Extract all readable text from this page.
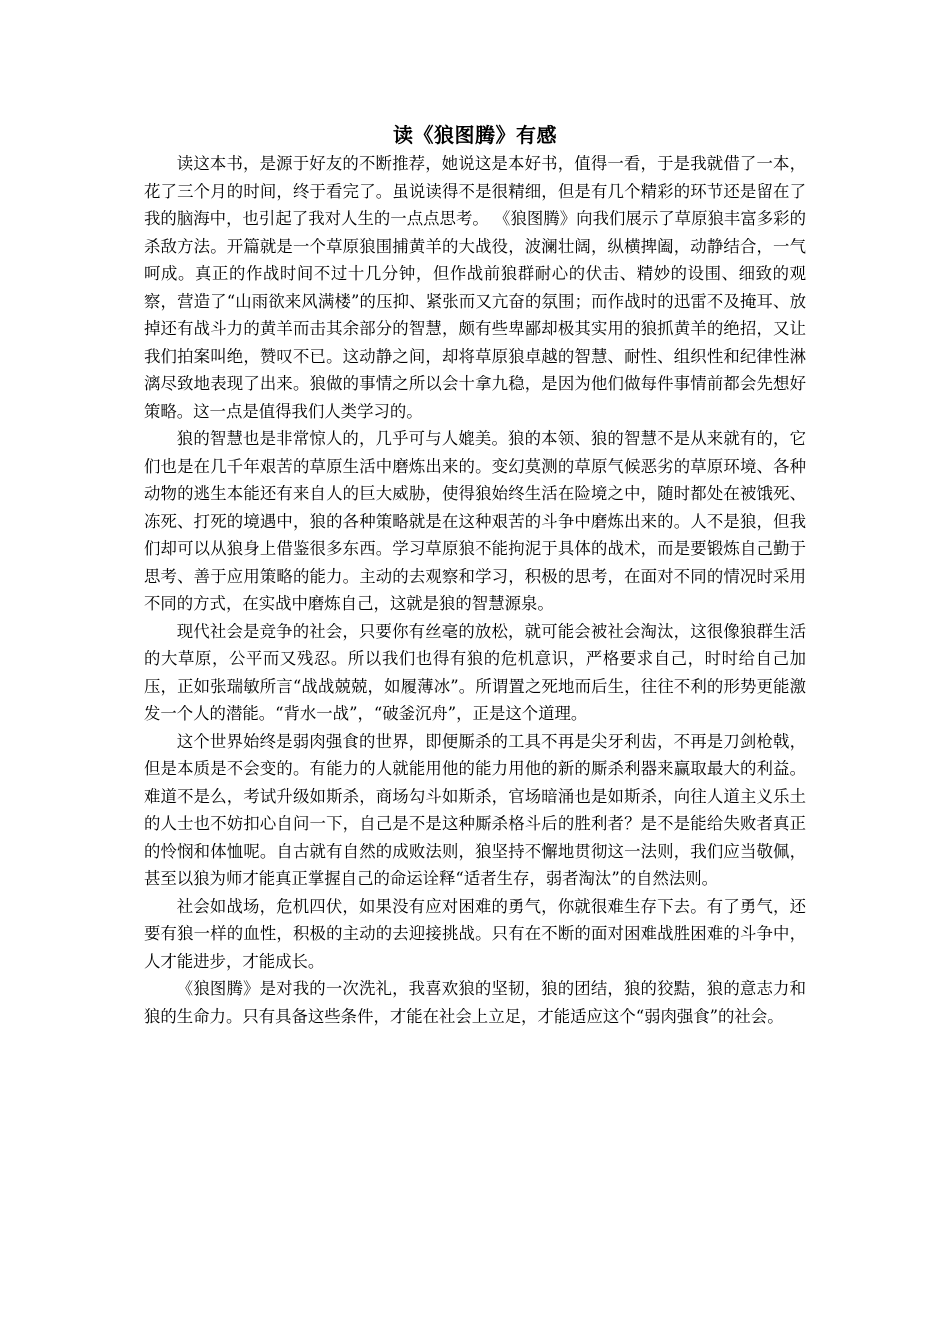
读《狼图腾》有感

读这本书，是源于好友的不断推荐，她说这是本好书，值得一看，于是我就借了一本，花了三个月的时间，终于看完了。虽说读得不是很精细，但是有几个精彩的环节还是留在了我的脑海中，也引起了我对人生的一点点思考。 《狼图腾》向我们展示了草原狼丰富多彩的杀敌方法。开篇就是一个草原狼围捕黄羊的大战役，波澜壮阔，纵横捭阖，动静结合，一气呵成。真正的作战时间不过十几分钟，但作战前狼群耐心的伏击、精妙的设围、细致的观察，营造了“山雨欲来风满楼”的压抑、紧张而又亢奋的氛围；而作战时的迅雷不及掩耳、放掉还有战斗力的黄羊而击其余部分的智慧，颇有些卑鄙却极其实用的狼抓黄羊的绝招，又让我们拍案叫绝，赞叹不已。这动静之间，却将草原狼卓越的智慧、耐性、组织性和纪律性淋漓尽致地表现了出来。狼做的事情之所以会十拿九稳，是因为他们做每件事情前都会先想好策略。这一点是值得我们人类学习的。

狼的智慧也是非常惊人的，几乎可与人媲美。狼的本领、狼的智慧不是从来就有的，它们也是在几千年艰苦的草原生活中磨炼出来的。变幻莫测的草原气候恶劣的草原环境、各种动物的逃生本能还有来自人的巨大威胁，使得狼始终生活在险境之中，随时都处在被饿死、冻死、打死的境遇中，狼的各种策略就是在这种艰苦的斗争中磨炼出来的。人不是狼，但我们却可以从狼身上借鉴很多东西。学习草原狼不能拘泥于具体的战术，而是要锻炼自己勤于思考、善于应用策略的能力。主动的去观察和学习，积极的思考，在面对不同的情况时采用不同的方式，在实战中磨炼自己，这就是狼的智慧源泉。

现代社会是竞争的社会，只要你有丝毫的放松，就可能会被社会淘汰，这很像狼群生活的大草原，公平而又残忍。所以我们也得有狼的危机意识，严格要求自己，时时给自己加压，正如张瑞敏所言“战战兢兢，如履薄冰”。所谓置之死地而后生，往往不利的形势更能激发一个人的潜能。“背水一战”，“破釜沉舟”，正是这个道理。

这个世界始终是弱肉强食的世界，即便厮杀的工具不再是尖牙利齿，不再是刀剑枪戟，但是本质是不会变的。有能力的人就能用他的能力用他的新的厮杀利器来赢取最大的利益。难道不是么，考试升级如斯杀，商场勾斗如斯杀，官场暗涌也是如斯杀，向往人道主义乐土的人士也不妨扣心自问一下，自己是不是这种厮杀格斗后的胜利者？是不是能给失败者真正的怜悯和体恤呢。自古就有自然的成败法则，狼坚持不懈地贯彻这一法则，我们应当敬佩，甚至以狼为师才能真正掌握自己的命运诠释“适者生存，弱者淘汰”的自然法则。

社会如战场，危机四伏，如果没有应对困难的勇气，你就很难生存下去。有了勇气，还要有狼一样的血性，积极的主动的去迎接挑战。只有在不断的面对困难战胜困难的斗争中，人才能进步，才能成长。

《狼图腾》是对我的一次洗礼，我喜欢狼的坚韧，狼的团结，狼的狡黠，狼的意志力和狼的生命力。只有具备这些条件，才能在社会上立足，才能适应这个“弱肉强食”的社会。
